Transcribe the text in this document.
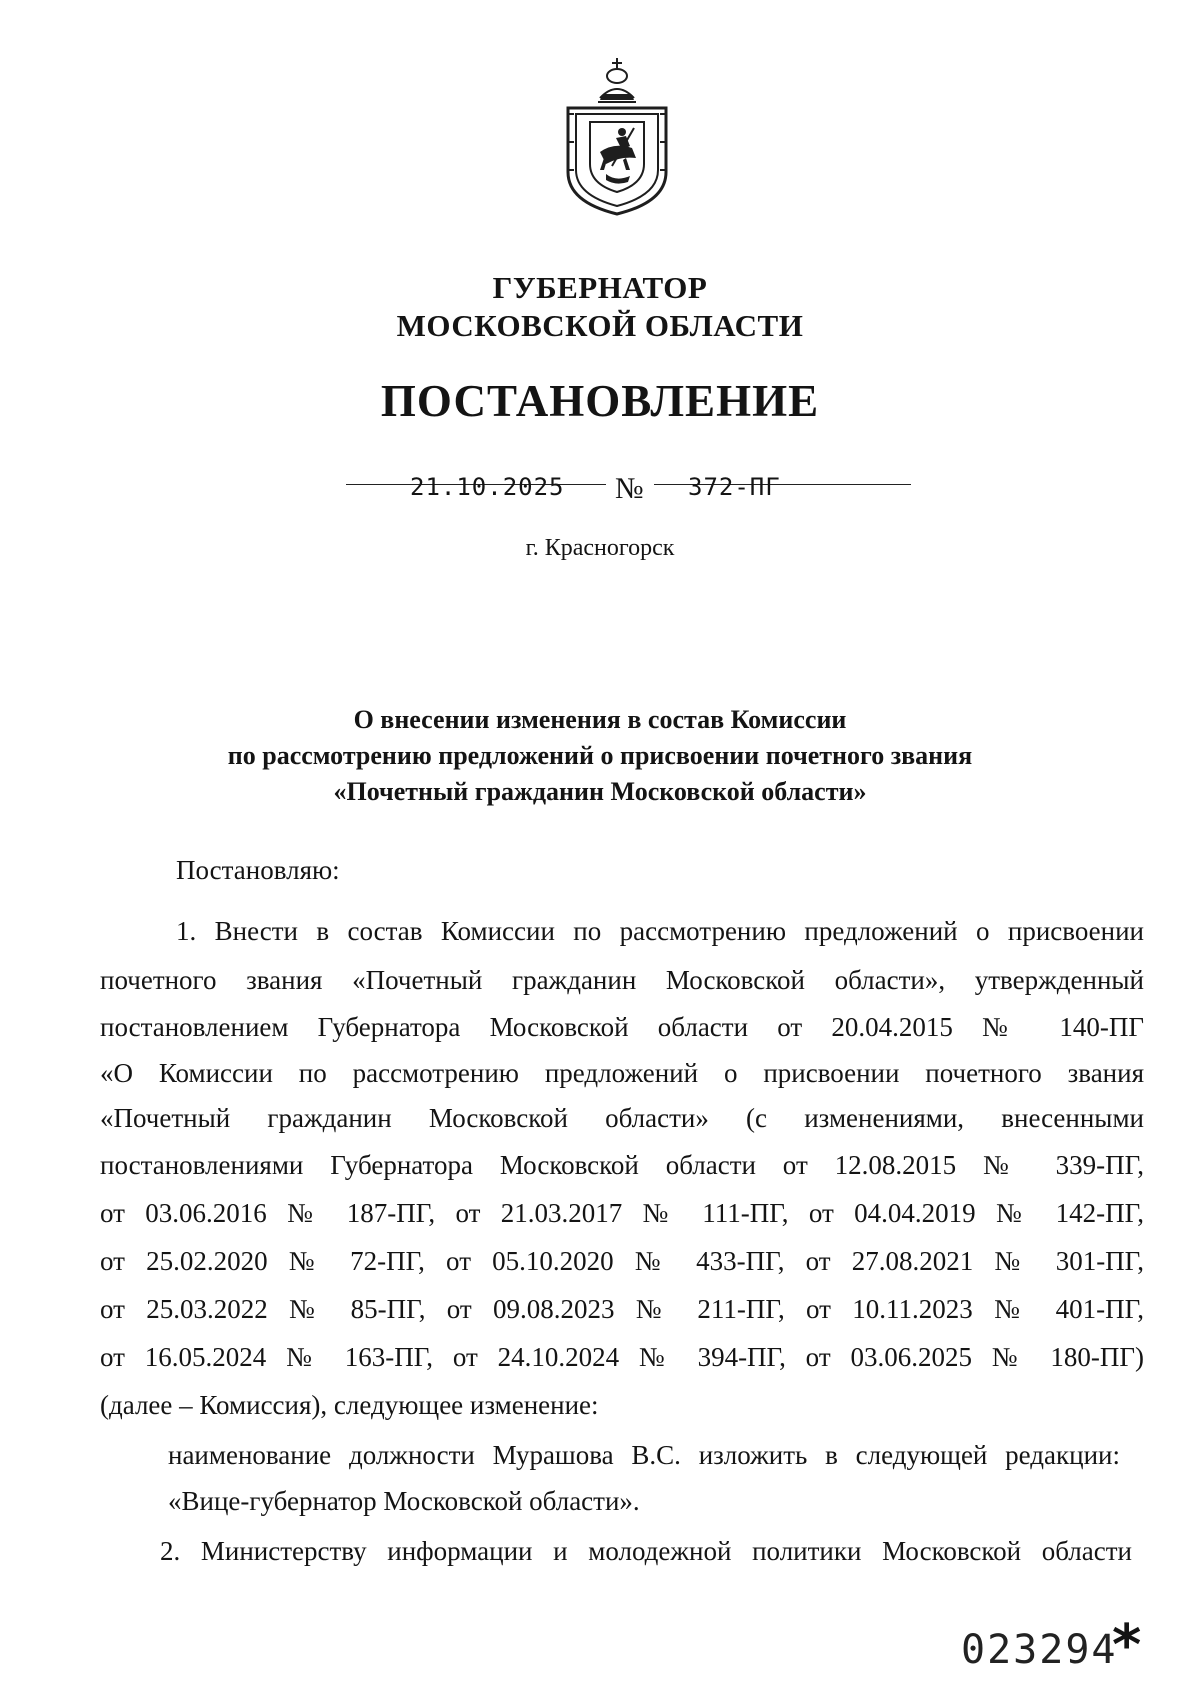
ГУБЕРНАТОР
МОСКОВСКОЙ ОБЛАСТИ
ПОСТАНОВЛЕНИЕ
21.10.2025 № 372-ПГ
г. Красногорск
О внесении изменения в состав Комиссии
по рассмотрению предложений о присвоении почетного звания
«Почетный гражданин Московской области»
Постановляю:
1. Внести в состав Комиссии по рассмотрению предложений о присвоении
почетного звания «Почетный гражданин Московской области», утвержденный
постановлением Губернатора Московской области от 20.04.2015 № 140-ПГ
«О Комиссии по рассмотрению предложений о присвоении почетного звания
«Почетный гражданин Московской области» (с изменениями, внесенными
постановлениями Губернатора Московской области от 12.08.2015 № 339-ПГ,
от 03.06.2016 № 187-ПГ, от 21.03.2017 № 111-ПГ, от 04.04.2019 № 142-ПГ,
от 25.02.2020 № 72-ПГ, от 05.10.2020 № 433-ПГ, от 27.08.2021 № 301-ПГ,
от 25.03.2022 № 85-ПГ, от 09.08.2023 № 211-ПГ, от 10.11.2023 № 401-ПГ,
от 16.05.2024 № 163-ПГ, от 24.10.2024 № 394-ПГ, от 03.06.2025 № 180-ПГ)
(далее – Комиссия), следующее изменение:
наименование должности Мурашова В.С. изложить в следующей редакции:
«Вице-губернатор Московской области».
2. Министерству информации и молодежной политики Московской области
023294
*
